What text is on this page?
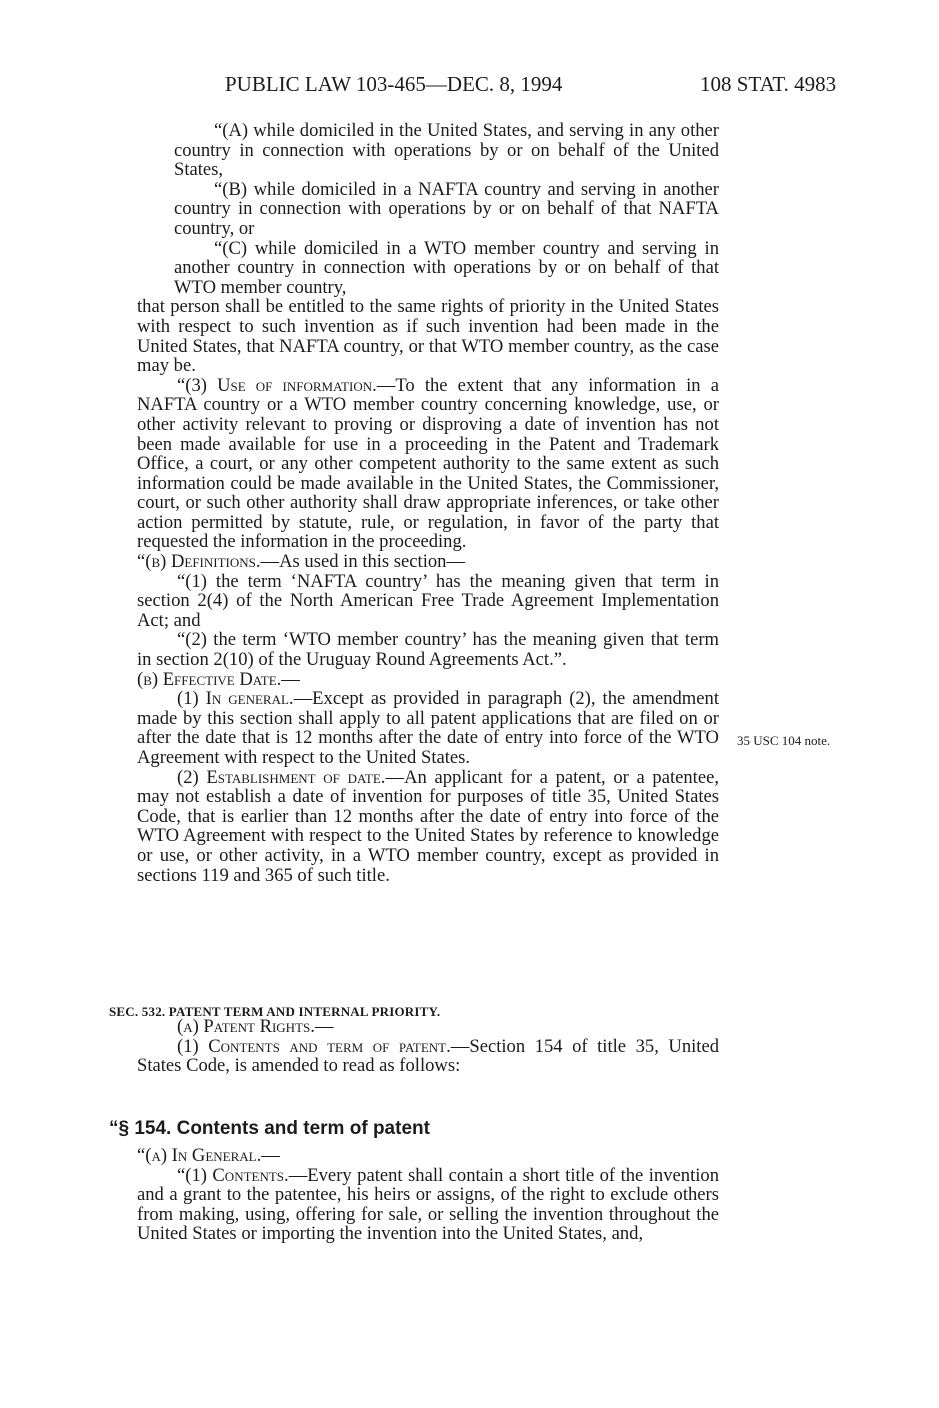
PUBLIC LAW 103-465—DEC. 8, 1994	108 STAT. 4983

“(A) while domiciled in the United States, and serving in any other country in connection with operations by or on behalf of the United States,

“(B) while domiciled in a NAFTA country and serving in another country in connection with operations by or on behalf of that NAFTA country, or

“(C) while domiciled in a WTO member country and serving in another country in connection with operations by or on behalf of that WTO member country,

that person shall be entitled to the same rights of priority in the United States with respect to such invention as if such invention had been made in the United States, that NAFTA country, or that WTO member country, as the case may be.

“(3) Use of information.—To the extent that any information in a NAFTA country or a WTO member country concerning knowledge, use, or other activity relevant to proving or disproving a date of invention has not been made available for use in a proceeding in the Patent and Trademark Office, a court, or any other competent authority to the same extent as such information could be made available in the United States, the Commissioner, court, or such other authority shall draw appropriate inferences, or take other action permitted by statute, rule, or regulation, in favor of the party that requested the information in the proceeding.

“(b) Definitions.—As used in this section—

“(1) the term ‘NAFTA country’ has the meaning given that term in section 2(4) of the North American Free Trade Agreement Implementation Act; and

“(2) the term ‘WTO member country’ has the meaning given that term in section 2(10) of the Uruguay Round Agreements Act.”.

(b) Effective Date.—

(1) In general.—Except as provided in paragraph (2), the amendment made by this section shall apply to all patent applications that are filed on or after the date that is 12 months after the date of entry into force of the WTO Agreement with respect to the United States.

(2) Establishment of date.—An applicant for a patent, or a patentee, may not establish a date of invention for purposes of title 35, United States Code, that is earlier than 12 months after the date of entry into force of the WTO Agreement with respect to the United States by reference to knowledge or use, or other activity, in a WTO member country, except as provided in sections 119 and 365 of such title.

35 USC 104 note.
SEC. 532. PATENT TERM AND INTERNAL PRIORITY.

(a) Patent Rights.—

(1) Contents and term of patent.—Section 154 of title 35, United States Code, is amended to read as follows:

“§ 154. Contents and term of patent

“(a) In General.—

“(1) Contents.—Every patent shall contain a short title of the invention and a grant to the patentee, his heirs or assigns, of the right to exclude others from making, using, offering for sale, or selling the invention throughout the United States or importing the invention into the United States, and,
